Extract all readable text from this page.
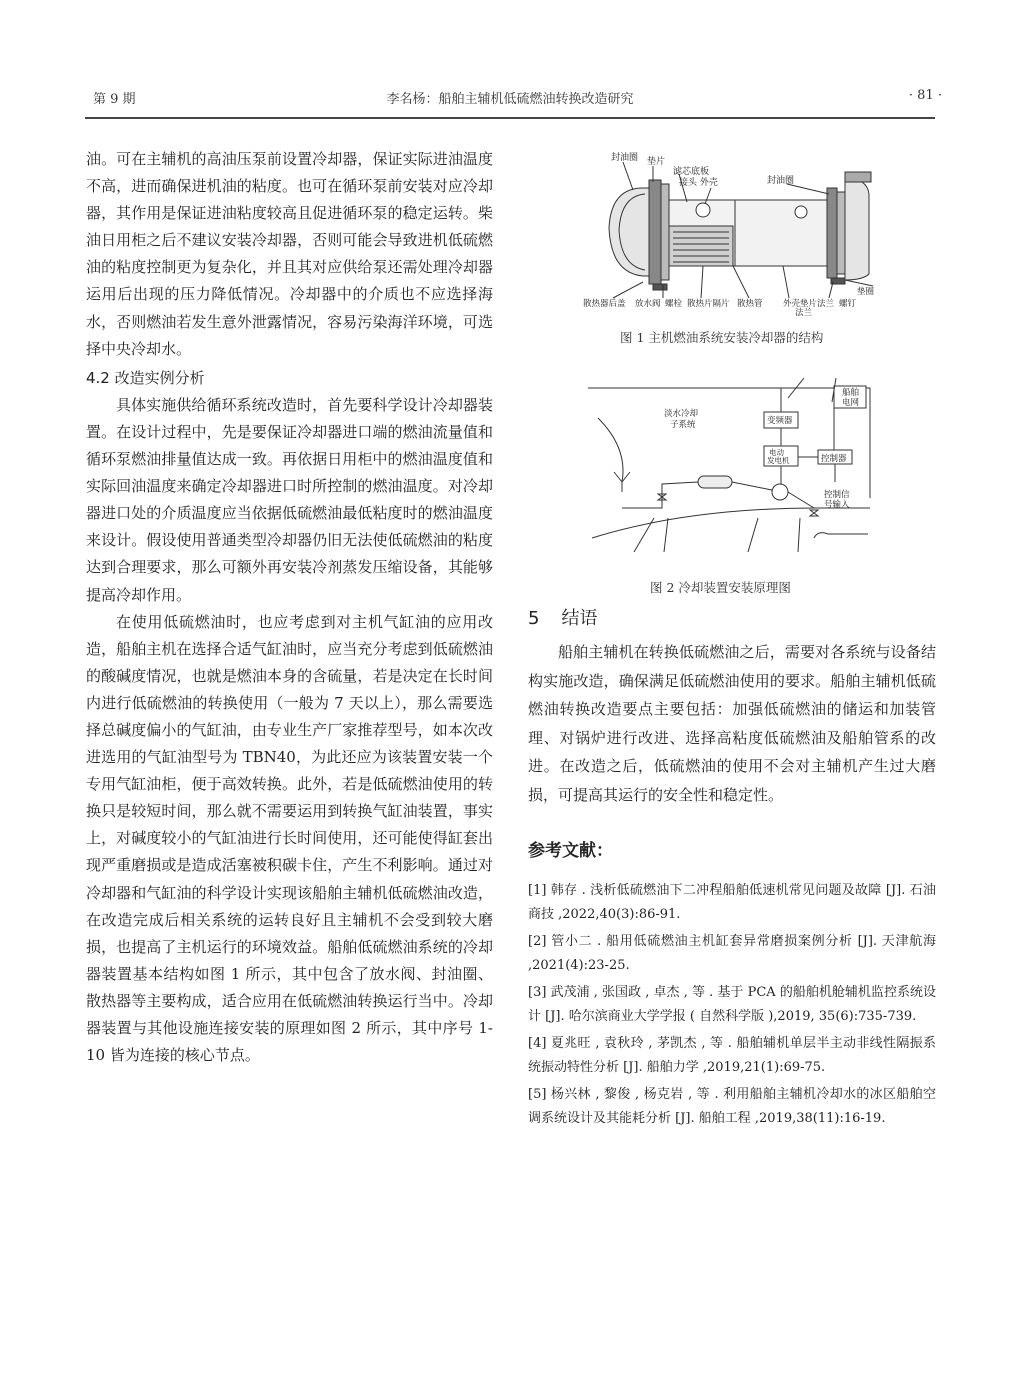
第 9 期	李名杨：船舶主辅机低硫燃油转换改造研究	· 81 ·

油。可在主辅机的高油压泵前设置冷却器，保证实际进油温度不高，进而确保进机油的粘度。也可在循环泵前安装对应冷却器，其作用是保证进油粘度较高且促进循环泵的稳定运转。柴油日用柜之后不建议安装冷却器，否则可能会导致进机低硫燃油的粘度控制更为复杂化，并且其对应供给泵还需处理冷却器运用后出现的压力降低情况。冷却器中的介质也不应选择海水，否则燃油若发生意外泄露情况，容易污染海洋环境，可选择中央冷却水。

4.2 改造实例分析

具体实施供给循环系统改造时，首先要科学设计冷却器装置。在设计过程中，先是要保证冷却器进口端的燃油流量值和循环泵燃油排量值达成一致。再依据日用柜中的燃油温度值和实际回油温度来确定冷却器进口时所控制的燃油温度。对冷却器进口处的介质温度应当依据低硫燃油最低粘度时的燃油温度来设计。假设使用普通类型冷却器仍旧无法使低硫燃油的粘度达到合理要求，那么可额外再安装冷剂蒸发压缩设备，其能够提高冷却作用。

在使用低硫燃油时，也应考虑到对主机气缸油的应用改造，船舶主机在选择合适气缸油时，应当充分考虑到低硫燃油的酸碱度情况，也就是燃油本身的含硫量，若是决定在长时间内进行低硫燃油的转换使用（一般为 7 天以上），那么需要选择总碱度偏小的气缸油，由专业生产厂家推荐型号，如本次改进选用的气缸油型号为 TBN40，为此还应为该装置安装一个专用气缸油柜，便于高效转换。此外，若是低硫燃油使用的转换只是较短时间，那么就不需要运用到转换气缸油装置，事实上，对碱度较小的气缸油进行长时间使用，还可能使得缸套出现严重磨损或是造成活塞被积碳卡住，产生不利影响。通过对冷却器和气缸油的科学设计实现该船舶主辅机低硫燃油改造，在改造完成后相关系统的运转良好且主辅机不会受到较大磨损，也提高了主机运行的环境效益。船舶低硫燃油系统的冷却器装置基本结构如图 1 所示，其中包含了放水阀、封油圈、散热器等主要构成，适合应用在低硫燃油转换运行当中。冷却器装置与其他设施连接安装的原理如图 2 所示，其中序号 1-10 皆为连接的核心节点。

封油圈 垫片
滤芯底板
接头 外壳	封油圈
散热器后盖 放水阀 螺栓 散热片隔片 散热管 外壳垫片法兰 螺钉
法兰
垫圈
图 1 主机燃油系统安装冷却器的结构
淡水冷却
子系统	变频器
船舶
电网
电动
发电机	控制器
控制信
号输入
图 2 冷却装置安装原理图
5 结语

船舶主辅机在转换低硫燃油之后，需要对各系统与设备结构实施改造，确保满足低硫燃油使用的要求。船舶主辅机低硫燃油转换改造要点主要包括：加强低硫燃油的储运和加装管理、对锅炉进行改进、选择高粘度低硫燃油及船舶管系的改进。在改造之后，低硫燃油的使用不会对主辅机产生过大磨损，可提高其运行的安全性和稳定性。

参考文献：

[1] 韩存 . 浅析低硫燃油下二冲程船舶低速机常见问题及故障 [J]. 石油商技 ,2022,40(3):86-91.

[2] 管小二 . 船用低硫燃油主机缸套异常磨损案例分析 [J]. 天津航海 ,2021(4):23-25.

[3] 武茂浦 , 张国政 , 卓杰 , 等 . 基于 PCA 的船舶机舱辅机监控系统设计 [J]. 哈尔滨商业大学学报 ( 自然科学版 ),2019, 35(6):735-739.

[4] 夏兆旺 , 袁秋玲 , 茅凯杰 , 等 . 船舶辅机单层半主动非线性隔振系统振动特性分析 [J]. 船舶力学 ,2019,21(1):69-75.

[5] 杨兴林 , 黎俊 , 杨克岩 , 等 . 利用船舶主辅机冷却水的冰区船舶空调系统设计及其能耗分析 [J]. 船舶工程 ,2019,38(11):16-19.
